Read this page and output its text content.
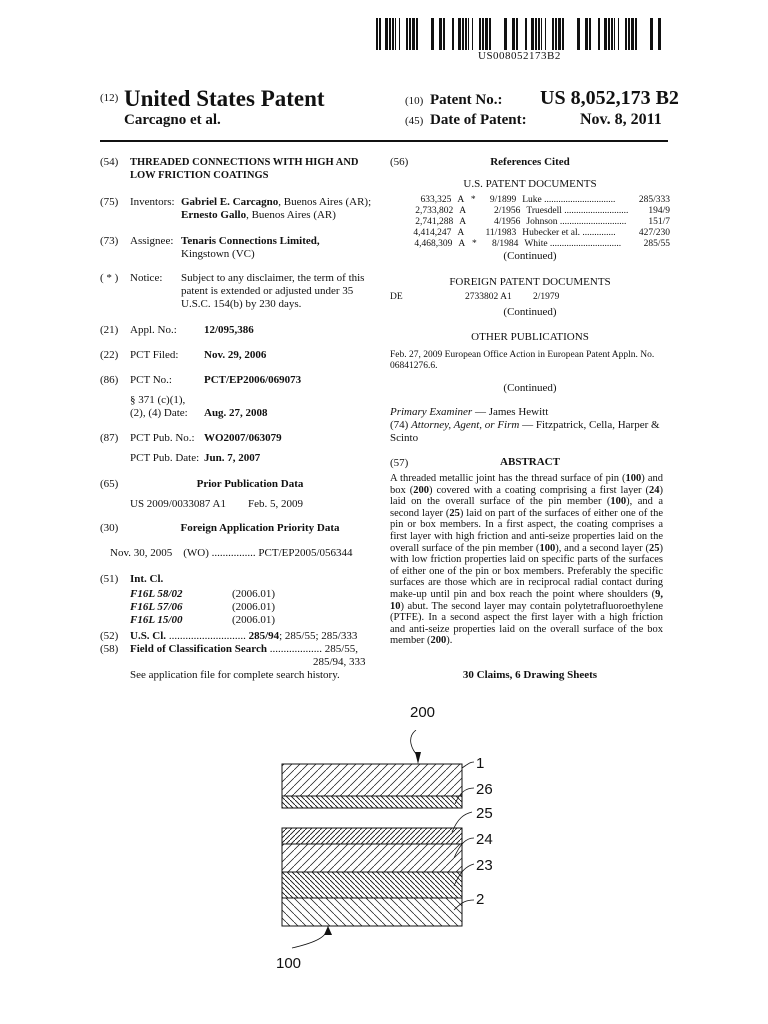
US008052173B2
(12) United States Patent
Carcagno et al.
(10) Patent No.: US 8,052,173 B2
(45) Date of Patent:	Nov. 8, 2011
(54) THREADED CONNECTIONS WITH HIGH AND LOW FRICTION COATINGS
(75) Inventors: Gabriel E. Carcagno, Buenos Aires (AR); Ernesto Gallo, Buenos Aires (AR)
(73) Assignee: Tenaris Connections Limited,
Kingstown (VC)
( * ) Notice: Subject to any disclaimer, the term of this patent is extended or adjusted under 35 U.S.C. 154(b) by 230 days.
(21) Appl. No.: 12/095,386
(22) PCT Filed: Nov. 29, 2006
(86) PCT No.:	PCT/EP2006/069073
§ 371 (c)(1),
(2), (4) Date: Aug. 27, 2008
(87) PCT Pub. No.: WO2007/063079
PCT Pub. Date: Jun. 7, 2007
(65)	Prior Publication Data
US 2009/0033087 A1 Feb. 5, 2009
(30)	Foreign Application Priority Data
Nov. 30, 2005 (WO) ................ PCT/EP2005/056344
(51) Int. Cl.
F16L 58/02	(2006.01)
F16L 57/06	(2006.01)
F16L 15/00	(2006.01)
(52) U.S. Cl. ............................ 285/94; 285/55; 285/333
(58) Field of Classification Search ................... 285/55,
285/94, 333
See application file for complete search history.
(56)	References Cited
U.S. PATENT DOCUMENTS
633,325 A *	9/1899 Luke ..............................	285/333
2,733,802 A	2/1956 Truesdell ...........................	194/9
2,741,288 A	4/1956 Johnson ............................	151/7
4,414,247 A 11/1983 Hubecker et al. ..............	427/230
4,468,309 A *	8/1984 White ..............................	285/55
(Continued)
FOREIGN PATENT DOCUMENTS
DE	2733802 A1 2/1979
(Continued)
OTHER PUBLICATIONS
Feb. 27, 2009 European Office Action in European Patent Appln. No. 06841276.6.
(Continued)
Primary Examiner — James Hewitt
(74) Attorney, Agent, or Firm — Fitzpatrick, Cella, Harper & Scinto
(57)	ABSTRACT
A threaded metallic joint has the thread surface of pin (100) and box (200) covered with a coating comprising a first layer (24) laid on the overall surface of the pin member (100), and a second layer (25) laid on part of the surfaces of either one of the pin or box members. In a first aspect, the coating comprises a first layer with high friction and anti-seize properties laid on the overall surface of the pin member (100), and a second layer (25) with low friction properties laid on specific parts of the surfaces of either one of the pin or box members. Preferably the specific surfaces are those which are in reciprocal radial contact during make-up until pin and box reach the point where shoulders (9, 10) abut. The second layer may contain polytetrafluoroethylene (PTFE). In a second aspect the first layer with a high friction and anti-seize properties laid on the overall surface of the box member (200).
30 Claims, 6 Drawing Sheets
200
1
26
25
24
23
2
100
